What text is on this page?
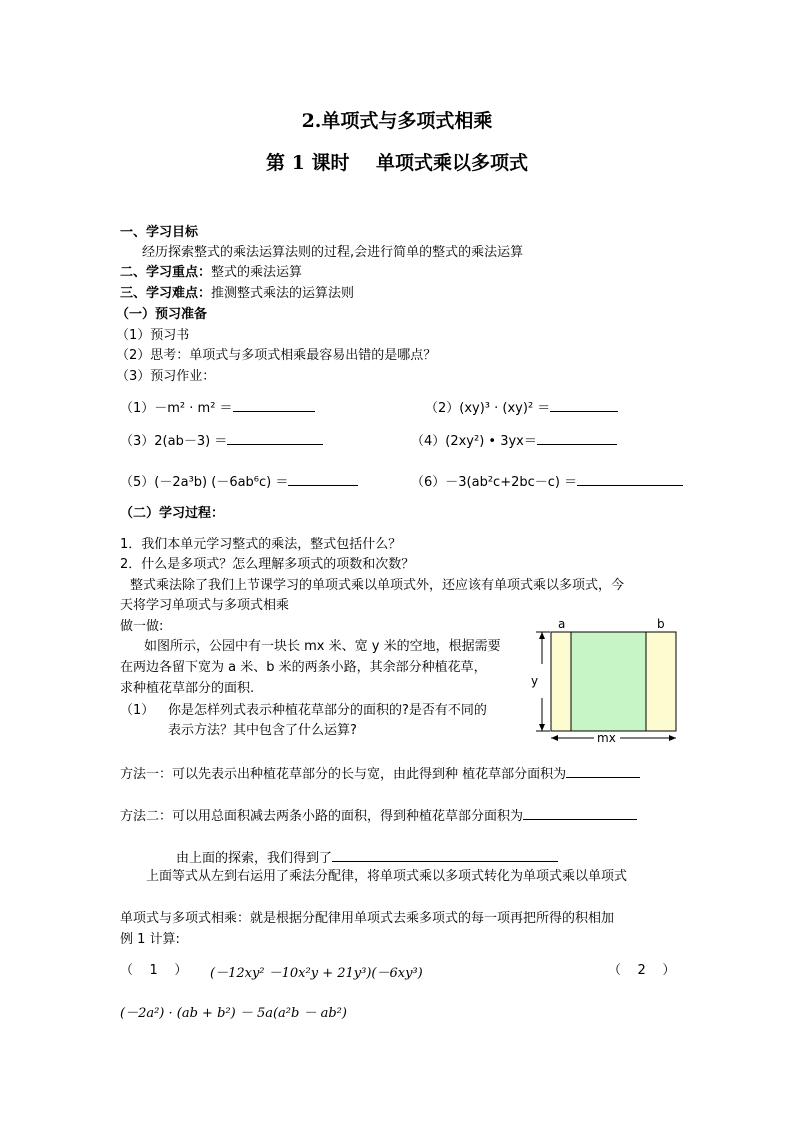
2.单项式与多项式相乘
第 1 课时    单项式乘以多项式
一、学习目标
经历探索整式的乘法运算法则的过程,会进行简单的整式的乘法运算
二、学习重点：整式的乘法运算
三、学习难点：推测整式乘法的运算法则
（一）预习准备
（1）预习书
（2）思考：单项式与多项式相乘最容易出错的是哪点？
（3）预习作业：
（1）－m² · m² ＝	（2）(xy)³ · (xy)² ＝
（3）2(ab－3) ＝	（4）(2xy²) • 3yx＝
（5）(－2a³b) (－6ab⁶c) ＝	（6）－3(ab²c+2bc－c) ＝
（二）学习过程：
1．我们本单元学习整式的乘法，整式包括什么？
2．什么是多项式？怎么理解多项式的项数和次数？
整式乘法除了我们上节课学习的单项式乘以单项式外，还应该有单项式乘以多项式，今
天将学习单项式与多项式相乘
做一做:
如图所示，公园中有一块长 mx 米、宽 y 米的空地，根据需要
在两边各留下宽为 a 米、b 米的两条小路，其余部分种植花草，
求种植花草部分的面积.
（1） 你是怎样列式表示种植花草部分的面积的?是否有不同的
表示方法？其中包含了什么运算?
a	b
y
mx
方法一：可以先表示出种植花草部分的长与宽，由此得到种 植花草部分面积为
方法二：可以用总面积减去两条小路的面积，得到种植花草部分面积为
由上面的探索，我们得到了
上面等式从左到右运用了乘法分配律，将单项式乘以多项式转化为单项式乘以单项式
单项式与多项式相乘：就是根据分配律用单项式去乘多项式的每一项再把所得的积相加
例 1 计算:
（    1    ） (－12xy² －10x²y + 21y³)(－6xy³)	（    2    ）
(－2a²) · (ab + b²) － 5a(a²b － ab²)
